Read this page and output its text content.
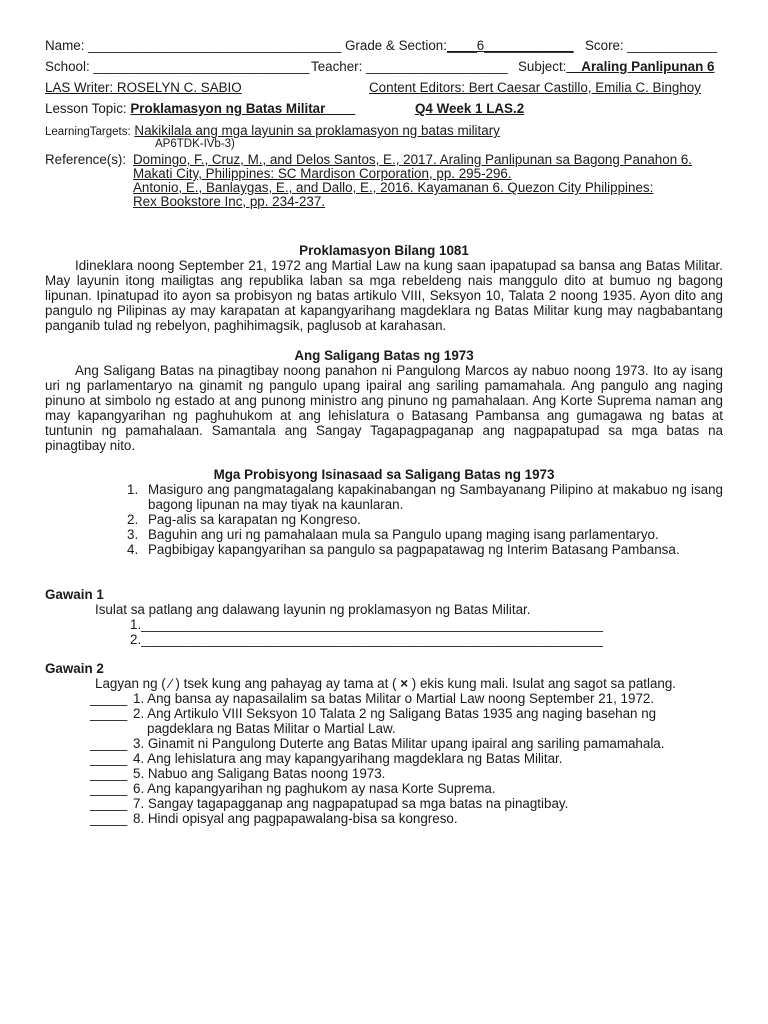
Name: __________________________________ Grade & Section:____6____________ Score: ____________
School: _____________________________ Teacher: ___________________ Subject:__Araling Panlipunan 6
LAS Writer: ROSELYN C. SABIO	Content Editors: Bert Caesar Castillo, Emilia C. Binghoy
Lesson Topic: Proklamasyon ng Batas Militar____	Q4 Week 1 LAS.2
LearningTargets: Nakikilala ang mga layunin sa proklamasyon ng batas military
AP6TDK-IVb-3)
Reference(s): Domingo, F., Cruz, M., and Delos Santos, E., 2017. Araling Panlipunan sa Bagong Panahon 6.
Makati City, Philippines: SC Mardison Corporation, pp. 295-296.
Antonio, E., Banlaygas, E., and Dallo, E., 2016. Kayamanan 6. Quezon City Philippines:
Rex Bookstore Inc, pp. 234-237.
Proklamasyon Bilang 1081

Idineklara noong September 21, 1972 ang Martial Law na kung saan ipapatupad sa bansa ang Batas Militar. May layunin itong mailigtas ang republika laban sa mga rebeldeng nais manggulo dito at bumuo ng bagong lipunan. Ipinatupad ito ayon sa probisyon ng batas artikulo VIII, Seksyon 10, Talata 2 noong 1935. Ayon dito ang pangulo ng Pilipinas ay may karapatan at kapangyarihang magdeklara ng Batas Militar kung may nagbabantang panganib tulad ng rebelyon, paghihimagsik, paglusob at karahasan.

Ang Saligang Batas ng 1973

Ang Saligang Batas na pinagtibay noong panahon ni Pangulong Marcos ay nabuo noong 1973. Ito ay isang uri ng parlamentaryo na ginamit ng pangulo upang ipairal ang sariling pamamahala. Ang pangulo ang naging pinuno at simbolo ng estado at ang punong ministro ang pinuno ng pamahalaan. Ang Korte Suprema naman ang may kapangyarihan ng paghuhukom at ang lehislatura o Batasang Pambansa ang gumagawa ng batas at tuntunin ng pamahalaan. Samantala ang Sangay Tagapagpaganap ang nagpapatupad sa mga batas na pinagtibay nito.

Mga Probisyong Isinasaad sa Saligang Batas ng 1973
1. Masiguro ang pangmatagalang kapakinabangan ng Sambayanang Pilipino at makabuo ng isang bagong lipunan na may tiyak na kaunlaran.
2. Pag-alis sa karapatan ng Kongreso.
3. Baguhin ang uri ng pamahalaan mula sa Pangulo upang maging isang parlamentaryo.
4. Pagbibigay kapangyarihan sa pangulo sa pagpapatawag ng Interim Batasang Pambansa.
Gawain 1
Isulat sa patlang ang dalawang layunin ng proklamasyon ng Batas Militar.
1.______________________________________________________________
2.______________________________________________________________
Gawain 2
Lagyan ng ( ∕ ) tsek kung ang pahayag ay tama at ( × ) ekis kung mali. Isulat ang sagot sa patlang.
_____ 1. Ang bansa ay napasailalim sa batas Militar o Martial Law noong September 21, 1972.
_____ 2. Ang Artikulo VIII Seksyon 10 Talata 2 ng Saligang Batas 1935 ang naging basehan ng pagdeklara ng Batas Militar o Martial Law.
_____ 3. Ginamit ni Pangulong Duterte ang Batas Militar upang ipairal ang sariling pamamahala.
_____ 4. Ang lehislatura ang may kapangyarihang magdeklara ng Batas Militar.
_____ 5. Nabuo ang Saligang Batas noong 1973.
_____ 6. Ang kapangyarihan ng paghukom ay nasa Korte Suprema.
_____ 7. Sangay tagapagganap ang nagpapatupad sa mga batas na pinagtibay.
_____ 8. Hindi opisyal ang pagpapawalang-bisa sa kongreso.
